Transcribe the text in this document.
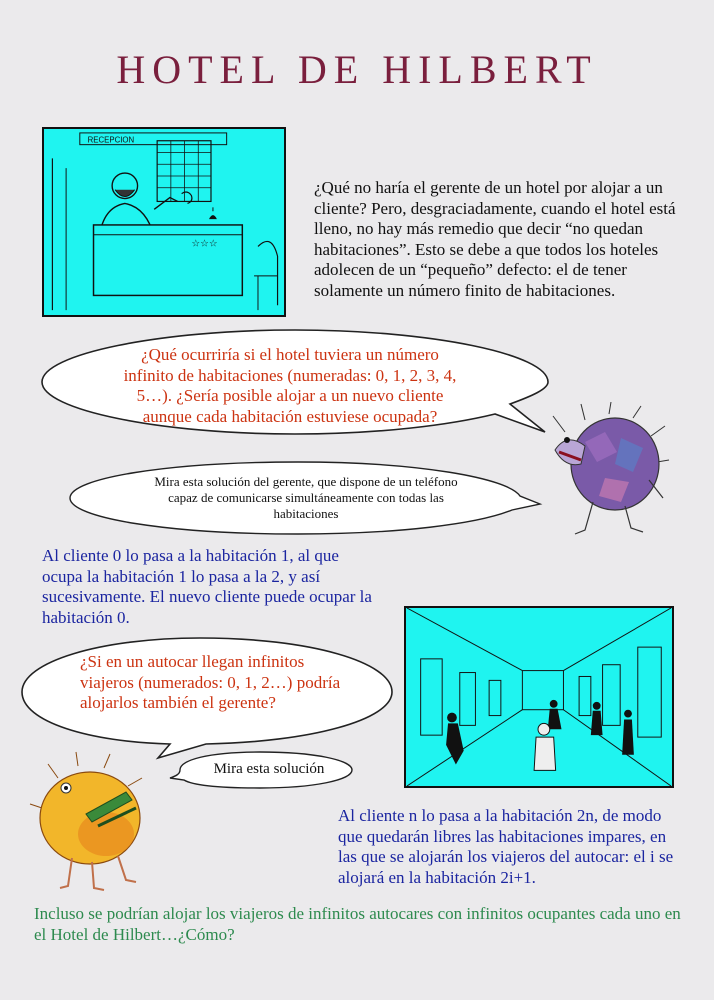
HOTEL DE HILBERT
RECEPCION
☆☆☆
¿Qué no haría el gerente de un hotel por alojar a un cliente? Pero, desgraciadamente, cuando el hotel está lleno, no hay más remedio que decir “no quedan habitaciones”. Esto se debe a que todos los hoteles adolecen de un “pequeño” defecto: el de tener solamente un número finito de habitaciones.
¿Qué ocurriría si el hotel tuviera un número infinito de habitaciones (numeradas: 0, 1, 2, 3, 4, 5…). ¿Sería posible alojar a un nuevo cliente aunque cada habitación estuviese ocupada?
Mira esta solución del gerente, que dispone de un teléfono capaz de comunicarse simultáneamente con todas las habitaciones
Al cliente 0 lo pasa a la habitación 1, al que ocupa la habitación 1 lo pasa a la 2, y así sucesivamente. El nuevo cliente puede ocupar la habitación 0.
¿Si en un autocar llegan infinitos viajeros (numerados: 0, 1, 2…) podría alojarlos también el gerente?
Mira esta solución
Al cliente n lo pasa a la habitación 2n, de modo que quedarán libres las habitaciones impares, en las que se alojarán los viajeros del autocar: el i se alojará en la habitación 2i+1.
Incluso se podrían alojar los viajeros de infinitos autocares con infinitos ocupantes cada uno en el Hotel de Hilbert…¿Cómo?
